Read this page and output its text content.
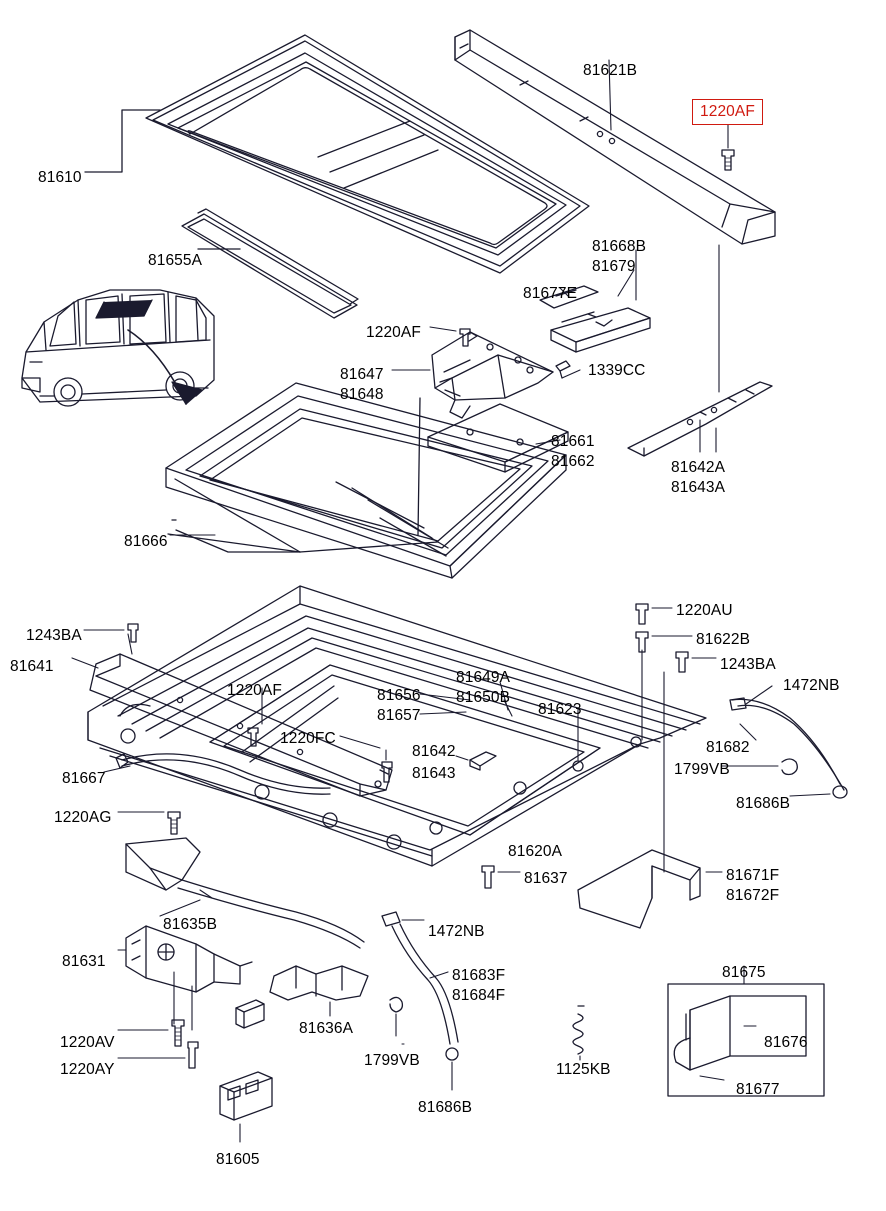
81621B
1220AF
81610
81655A
81668B
81679
81677E
1220AF
1339CC
81647
81648
81661
81662	81642A
81643A
81666
1220AU
1243BA	81622B
81641	1243BA
81649A	1472NB
1220AF	81656 81650B
81623
81657
1220FC
81682
81642
1799VB
81667	81643
81686B
1220AG
81620A
81637	81671F
81672F
81635B	1472NB
81631
81675
81683F
81684F
81636A
81676
1220AV
1799VB
1220AY	1125KB
81677
81686B
81605
